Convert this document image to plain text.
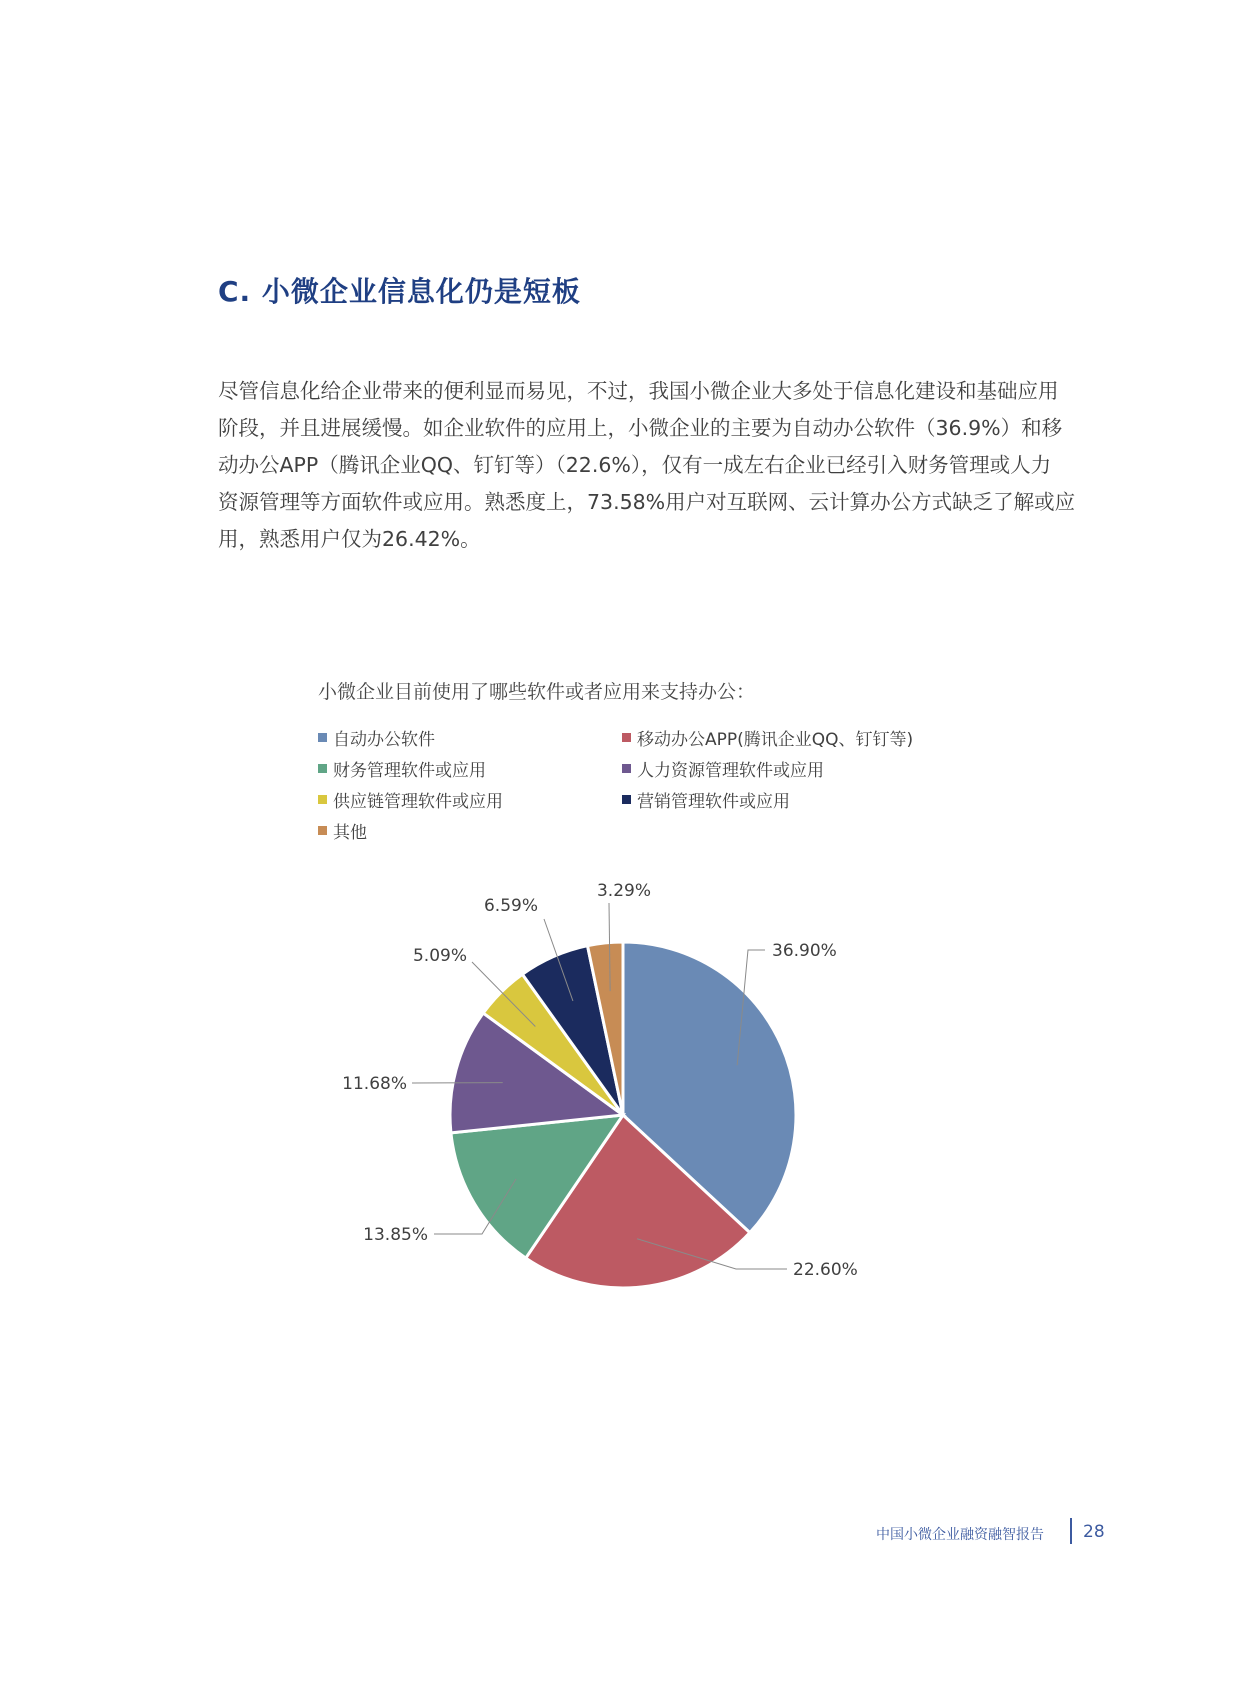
C. 小微企业信息化仍是短板
尽管信息化给企业带来的便利显而易见，不过，我国小微企业大多处于信息化建设和基础应用
阶段，并且进展缓慢。如企业软件的应用上，小微企业的主要为自动办公软件（36.9%）和移
动办公APP（腾讯企业QQ、钉钉等）（22.6%），仅有一成左右企业已经引入财务管理或人力
资源管理等方面软件或应用。熟悉度上，73.58%用户对互联网、云计算办公方式缺乏了解或应
用，熟悉用户仅为26.42%。
小微企业目前使用了哪些软件或者应用来支持办公：
自动办公软件	移动办公APP(腾讯企业QQ、钉钉等)
财务管理软件或应用	人力资源管理软件或应用
供应链管理软件或应用	营销管理软件或应用
其他
36.90%
22.60%
13.85%
11.68%
5.09%
6.59%
3.29%
中国小微企业融资融智报告 28
